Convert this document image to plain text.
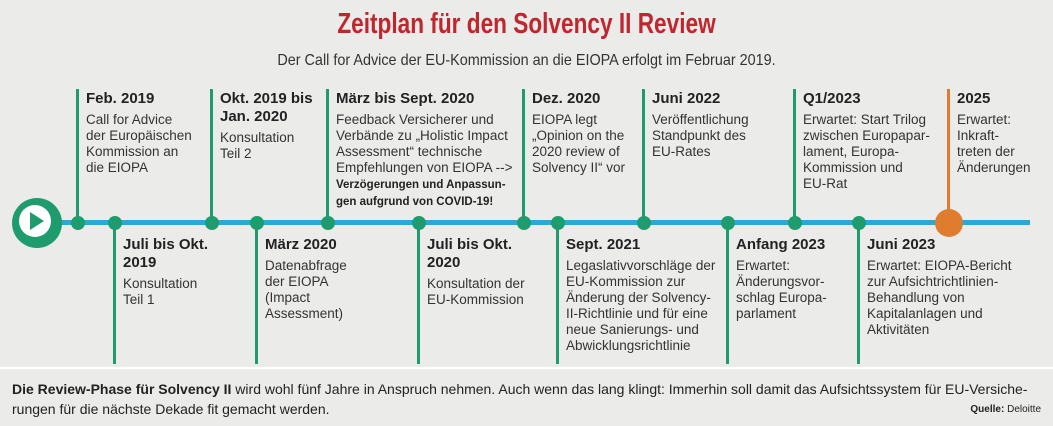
Zeitplan für den Solvency II Review
Der Call for Advice der EU-Kommission an die EIOPA erfolgt im Februar 2019.
Feb. 2019
Call for Advice
der Europäischen
Kommission an
die EIOPA
Okt. 2019 bis
Jan. 2020
Konsultation
Teil 2
März bis Sept. 2020
Feedback Versicherer und
Verbände zu „Holistic Impact
Assessment“ technische
Empfehlungen von EIOPA -->
Verzögerungen und Anpassun-
gen aufgrund von COVID-19!
Dez. 2020
EIOPA legt
„Opinion on the
2020 review of
Solvency II“ vor
Juni 2022
Veröffentlichung
Standpunkt des
EU-Rates
Q1/2023
Erwartet: Start Trilog
zwischen Europapar-
lament, Europa-
Kommission und
EU-Rat
2025
Erwartet:
Inkraft-
treten der
Änderungen
Juli bis Okt.
2019
Konsultation
Teil 1
März 2020
Datenabfrage
der EIOPA
(Impact
Assessment)
Juli bis Okt.
2020
Konsultation der
EU-Kommission
Sept. 2021
Legaslativvorschläge der
EU-Kommission zur
Änderung der Solvency-
II-Richtlinie und für eine
neue Sanierungs- und
Abwicklungsrichtlinie
Anfang 2023
Erwartet:
Änderungsvor-
schlag Europa-
parlament
Juni 2023
Erwartet: EIOPA-Bericht
zur Aufsichtrichtlinien-
Behandlung von
Kapitalanlagen und
Aktivitäten
Die Review-Phase für Solvency II wird wohl fünf Jahre in Anspruch nehmen. Auch wenn das lang klingt: Immerhin soll damit das Aufsichtssystem für EU-Versiche-rungen für die nächste Dekade fit gemacht werden.	Quelle: Deloitte
